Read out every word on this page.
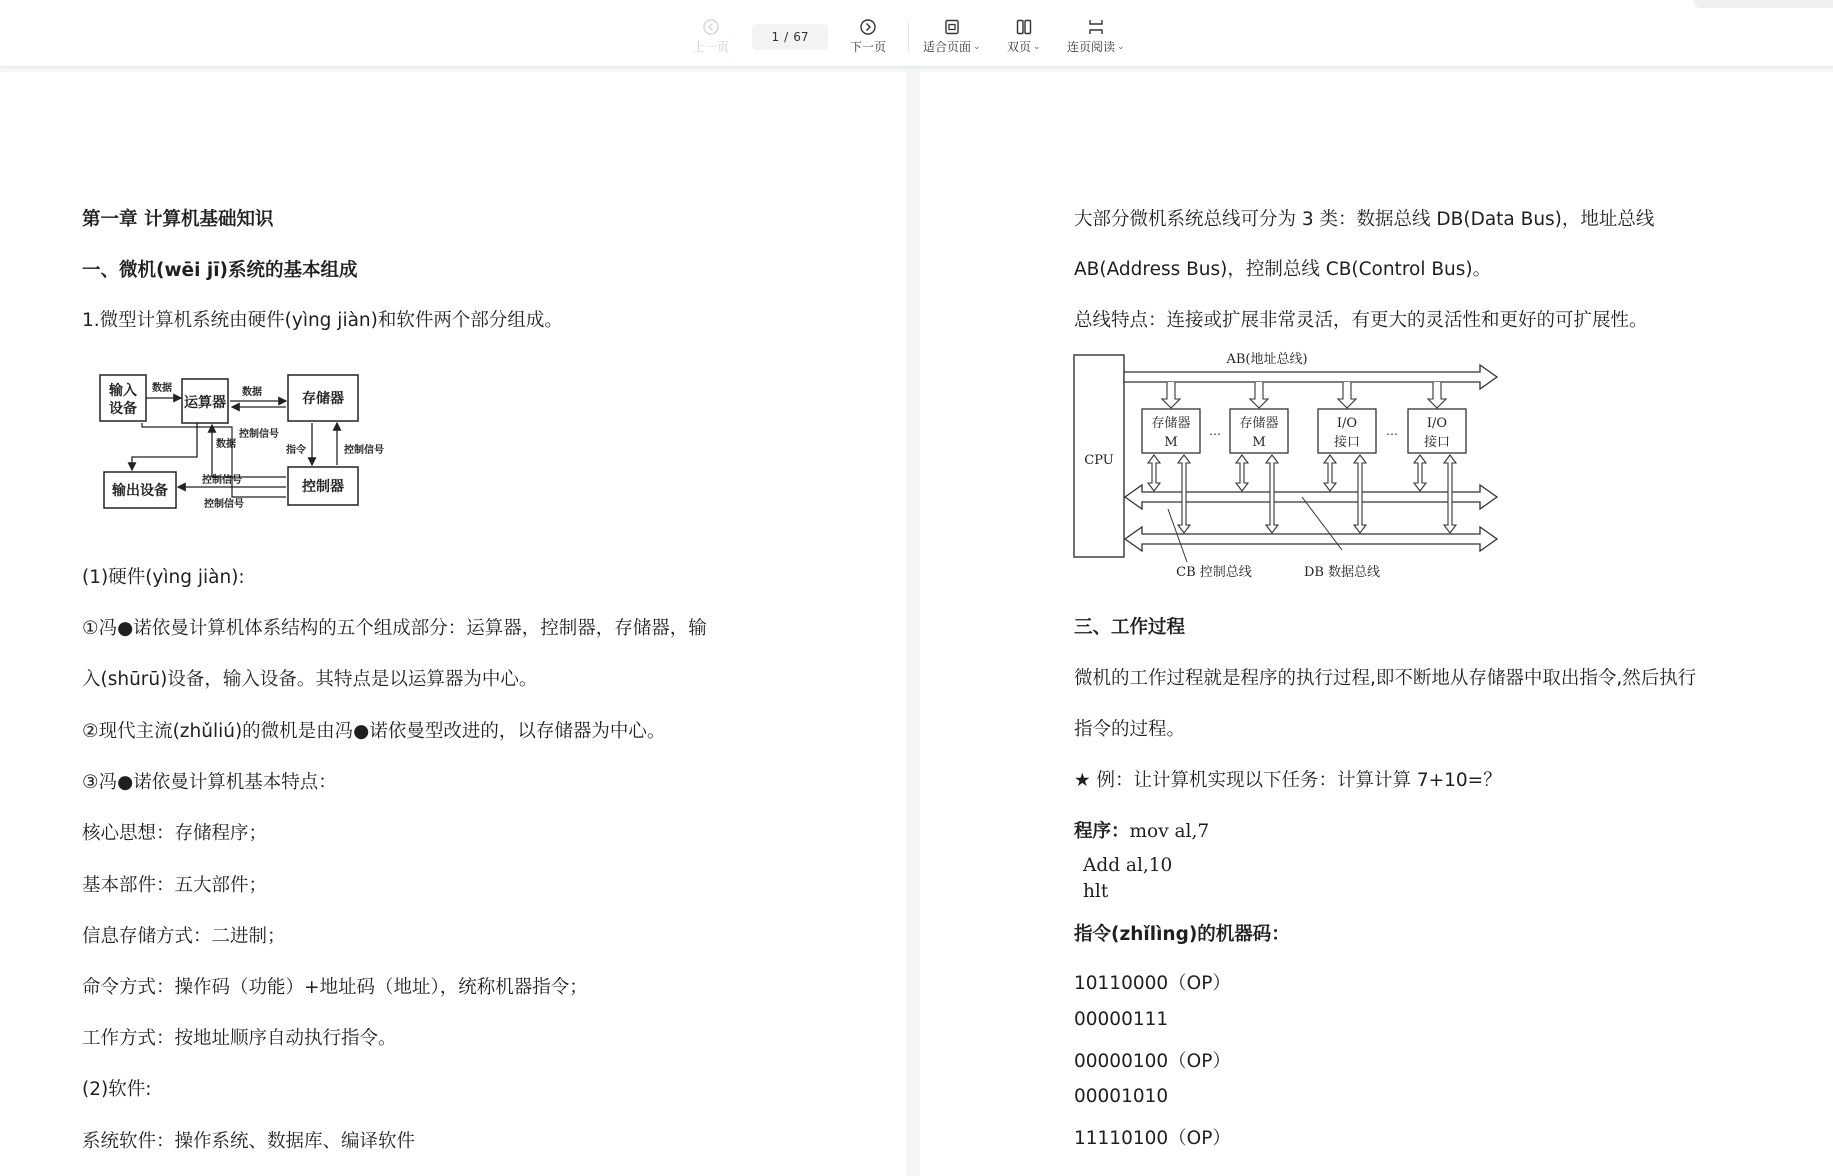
上一页
1 / 67
下一页	适合页面 ⌄ 双页 ⌄ 连页阅读 ⌄
第一章 计算机基础知识
一、微机(wēi jī)系统的基本组成
1.微型计算机系统由硬件(yìng jiàn)和软件两个部分组成。
输入
设备	运算器	存储器
控制器
输出设备
数据	数据
数据
控制信号
指令	控制信号
控制信号
控制信号
(1)硬件(yìng jiàn):
①冯●诺依曼计算机体系结构的五个组成部分：运算器，控制器，存储器，输
入(shūrū)设备，输入设备。其特点是以运算器为中心。
②现代主流(zhǔliú)的微机是由冯●诺依曼型改进的，以存储器为中心。
③冯●诺依曼计算机基本特点：
核心思想：存储程序；
基本部件：五大部件；
信息存储方式：二进制；
命令方式：操作码（功能）+地址码（地址），统称机器指令；
工作方式：按地址顺序自动执行指令。
(2)软件:
系统软件：操作系统、数据库、编译软件
大部分微机系统总线可分为 3 类：数据总线 DB(Data Bus)，地址总线
AB(Address Bus)，控制总线 CB(Control Bus)。
总线特点：连接或扩展非常灵活，有更大的灵活性和更好的可扩展性。
CPU
AB(地址总线)
存储器
M
存储器
M
I/O
接口
I/O
接口
…	…
CB 控制总线	DB 数据总线
三、工作过程
微机的工作过程就是程序的执行过程,即不断地从存储器中取出指令,然后执行
指令的过程。
★ 例：让计算机实现以下任务：计算计算 7+10=？
程序：mov al,7
Add al,10
hlt
指令(zhǐlìng)的机器码：
10110000（OP）
00000111
00000100（OP）
00001010
11110100（OP）
